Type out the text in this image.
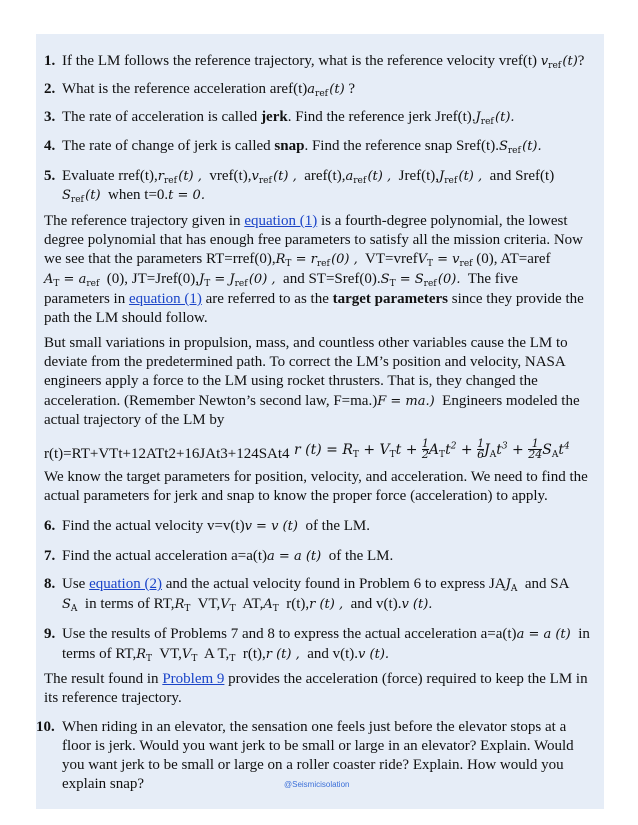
1. If the LM follows the reference trajectory, what is the reference velocity vref(t) $v_{ref}$ (t)?
2. What is the reference acceleration $aref(t)a_{ref}$ (t) ?
3. The rate of acceleration is called jerk. Find the reference jerk $Jref(t).J_{ref}$ (t).
4. The rate of change of jerk is called snap. Find the reference snap $Sref(t).S_{ref}$ (t).
5. Evaluate $rref(t),r_{ref}$ (t) , $vref(t),v_{ref}$ (t) , $aref(t),a_{ref}$ (t) , $Jref(t),J_{ref}$ (t) , and Sref(t)
$S_{ref}$ (t) when t=0.t = 0.
The reference trajectory given in equation (1) is a fourth-degree polynomial, the lowest
degree polynomial that has enough free parameters to satisfy all the mission criteria. Now
we see that the parameters $RT=rref(0),R_T = r_{ref}$ (0) , VT=vrefV$_T$ = $v_{ref}$ (0), AT=aref
$A_T = a_{ref}$ (0), $JT=Jref(0),J_T = J_{ref}$ (0) , and $ST=Sref(0).S_T = S_{ref}$ (0). The five
parameters in equation (1) are referred to as the target parameters since they provide the
path the LM should follow.
But small variations in propulsion, mass, and countless other variables cause the LM to
deviate from the predetermined path. To correct the LM’s position and velocity, NASA
engineers apply a force to the LM using rocket thrusters. That is, they changed the
acceleration. (Remember Newton’s second law, F=ma.)F = ma.) Engineers modeled the
actual trajectory of the LM by
r(t)=RT+VTt+12ATt2+16JAt3+124SAt4 r $(t) = R_T + V_Tt + \frac{1}{2} A_Tt^2 + \frac{1}{6} J_At^3 + \frac{1}{24} S_At^4$
We know the target parameters for position, velocity, and acceleration. We need to find the
actual parameters for jerk and snap to know the proper force (acceleration) to apply.
6. Find the actual velocity v=v(t)v = v (t) of the LM.
7. Find the actual acceleration a=a(t)a = a (t) of the LM.
8. Use equation (2) and the actual velocity found in Problem 6 to express $JAJ_A$ and SA
$S_A$ in terms of $RT,R_T$ $VT,V_T$ $AT,A_T$ r(t),r (t) , and v(t).v (t).
9. Use the results of Problems 7 and 8 to express the actual acceleration a=a(t)a = a (t) in
terms of $RT,R_T$ $VT,V_T$ A $T,_T$ r(t),r (t) , and v(t).v (t).
The result found in Problem 9 provides the acceleration (force) required to keep the LM in
its reference trajectory.
10. When riding in an elevator, the sensation one feels just before the elevator stops at a
floor is jerk. Would you want jerk to be small or large in an elevator? Explain. Would
you want jerk to be small or large on a roller coaster ride? Explain. How would you
explain snap?	@Seismicisolation
